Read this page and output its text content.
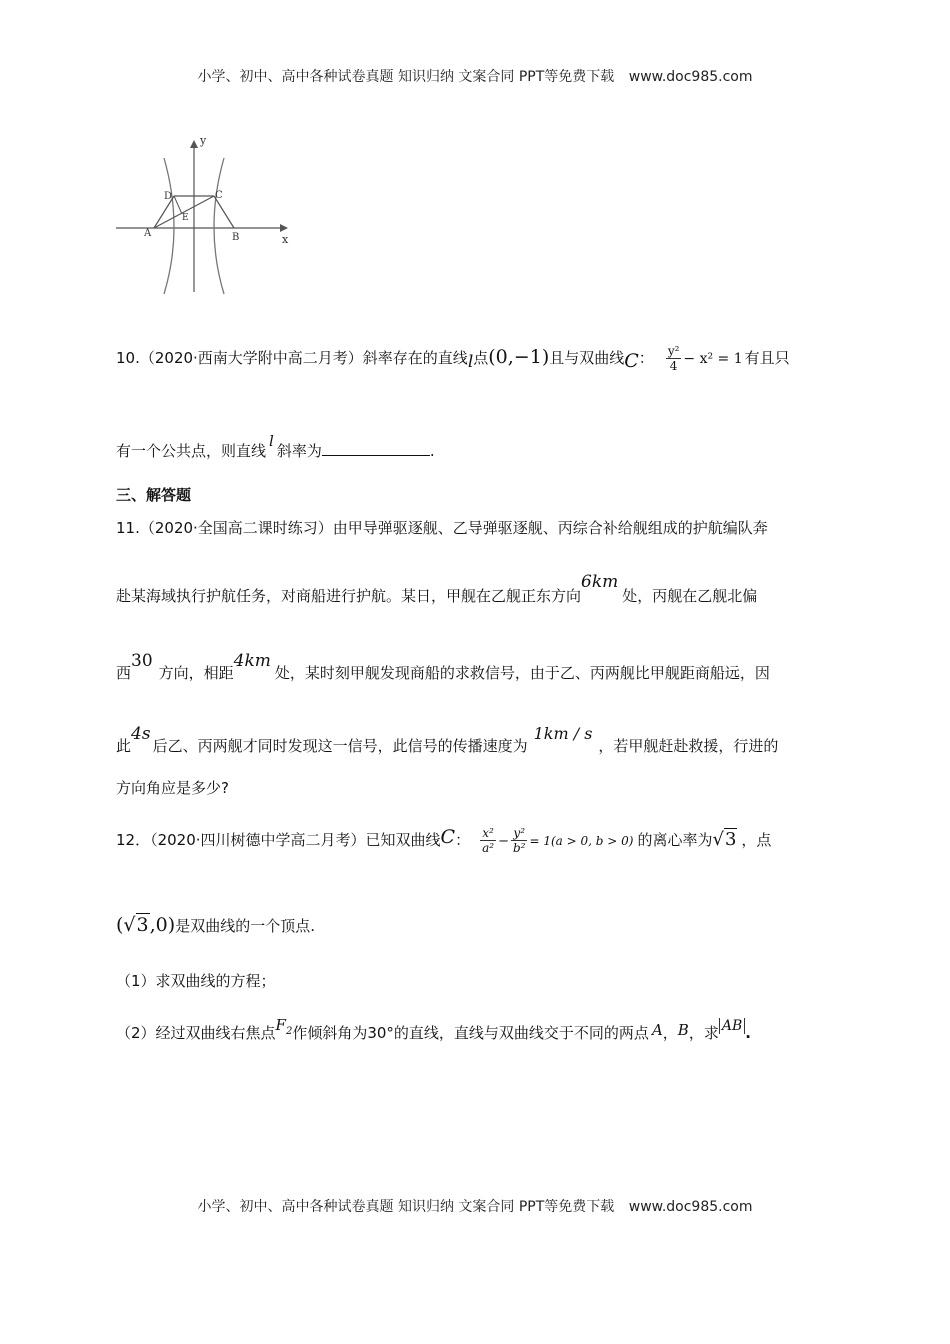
小学、初中、高中各种试卷真题 知识归纳 文案合同 PPT等免费下载 www.doc985.com
y
x
A	B
C
D
E
10.（2020·西南大学附中高二月考）斜率存在的直线l点(0,−1)且与双曲线C： $\frac{\text{y²}}{4} - x^2 = 1$ 有且只
有一个公共点，则直线l斜率为	.
三、解答题
11.（2020·全国高二课时练习）由甲导弹驱逐舰、乙导弹驱逐舰、丙综合补给舰组成的护航编队奔
赴某海域执行护航任务，对商船进行护航。某日，甲舰在乙舰正东方向6km处，丙舰在乙舰北偏
西30方向，相距4km处，某时刻甲舰发现商船的求救信号，由于乙、丙两舰比甲舰距商船远，因
此4s后乙、丙两舰才同时发现这一信号，此信号的传播速度为1km / s，若甲舰赶赴救援，行进的
方向角应是多少?
12．（2020·四川树德中学高二月考）已知双曲线C： $\frac{\text{x²}}{\text{a²}} - \frac{\text{y²}}{\text{b²}} = 1(a > 0$, b > 0) 的离心率为√3 ，点
(√3,0)是双曲线的一个顶点.
（1）求双曲线的方程；
（2）经过双曲线右焦点$F_2$作倾斜角为30°的直线，直线与双曲线交于不同的两点 A，B，求 AB .
小学、初中、高中各种试卷真题 知识归纳 文案合同 PPT等免费下载 www.doc985.com
